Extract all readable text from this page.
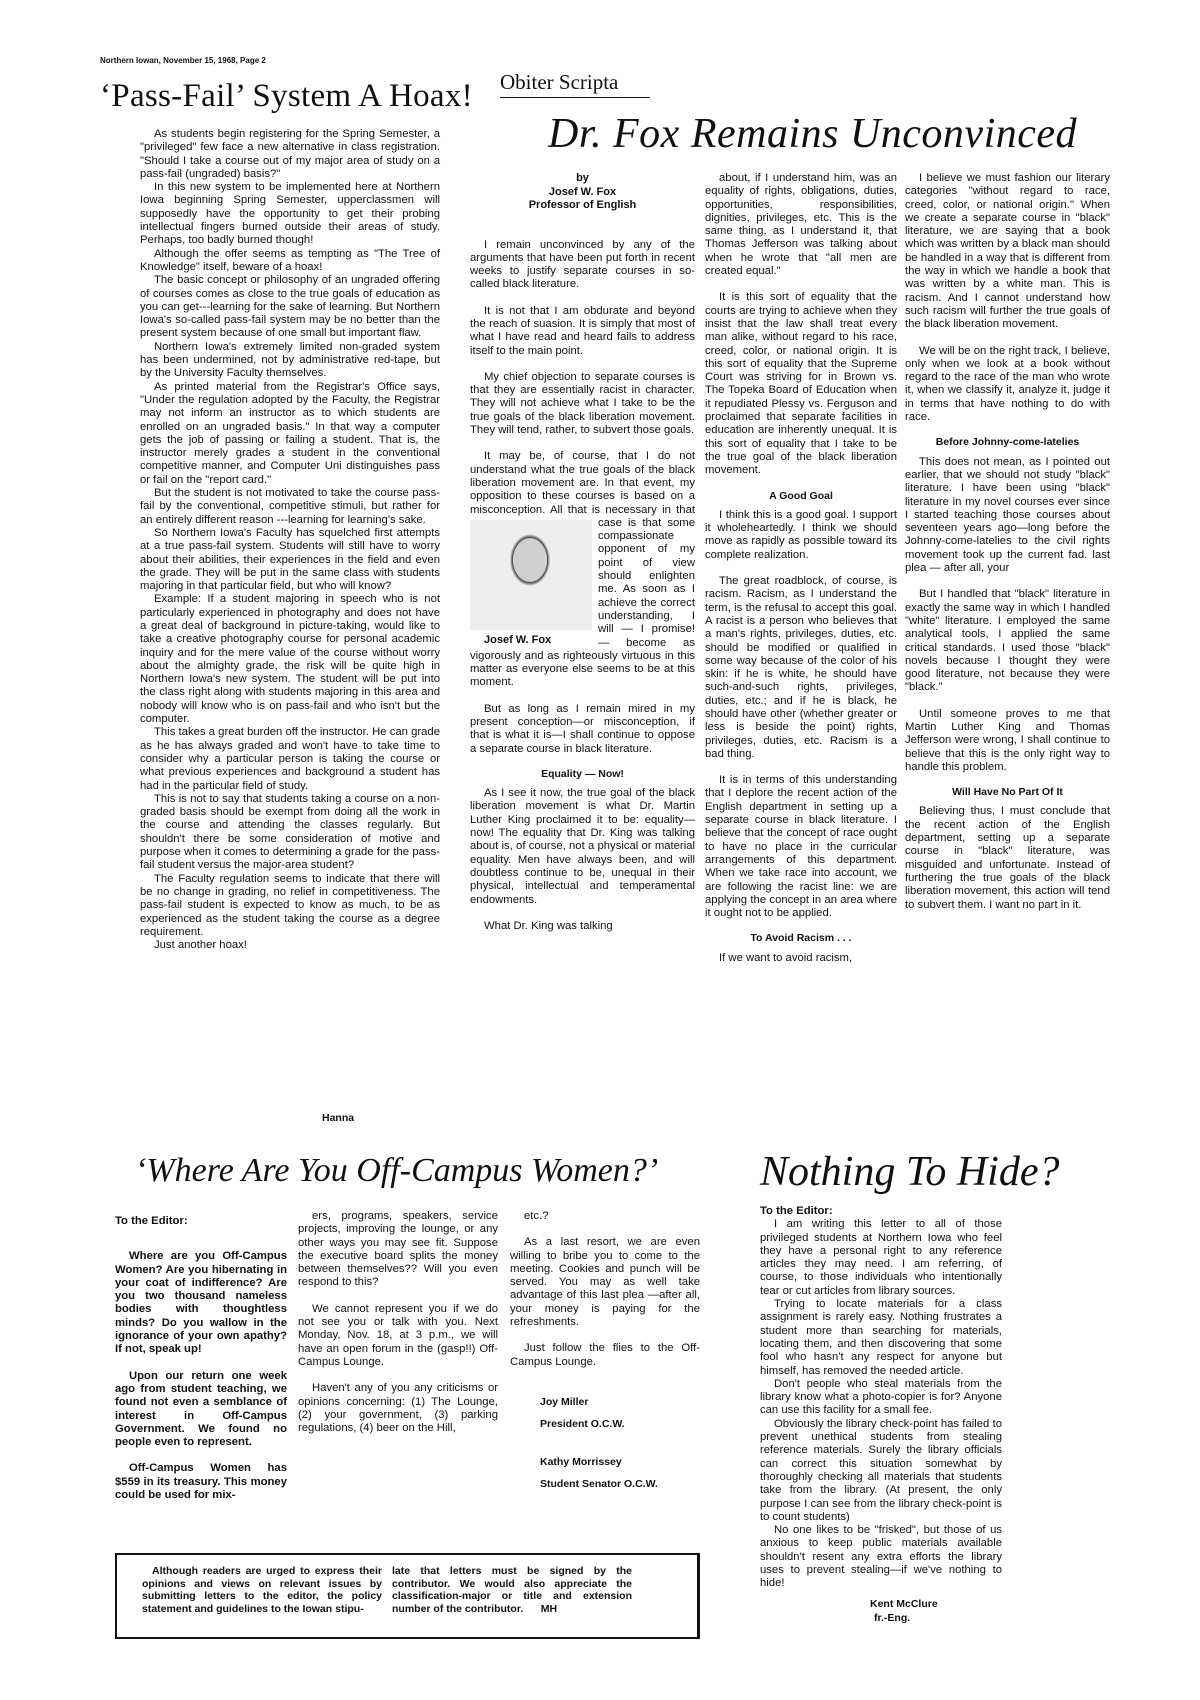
Northern Iowan, November 15, 1968, Page 2
‘Pass-Fail’ System A Hoax!

As students begin registering for the Spring Semester, a "privileged" few face a new alternative in class registration. "Should I take a course out of my major area of study on a pass-fail (ungraded) basis?"

In this new system to be implemented here at Northern Iowa beginning Spring Semester, upperclassmen will supposedly have the opportunity to get their probing intellectual fingers burned outside their areas of study. Perhaps, too badly burned though!

Although the offer seems as tempting as "The Tree of Knowledge" itself, beware of a hoax!

The basic concept or philosophy of an ungraded offering of courses comes as close to the true goals of education as you can get---learning for the sake of learning. But Northern Iowa's so-called pass-fail system may be no better than the present system because of one small but important flaw.

Northern Iowa's extremely limited non-graded system has been undermined, not by administrative red-tape, but by the University Faculty themselves.

As printed material from the Registrar's Office says, "Under the regulation adopted by the Faculty, the Registrar may not inform an instructor as to which students are enrolled on an ungraded basis." In that way a computer gets the job of passing or failing a student. That is, the instructor merely grades a student in the conventional competitive manner, and Computer Uni distinguishes pass or fail on the "report card."

But the student is not motivated to take the course pass-fail by the conventional, competitive stimuli, but rather for an entirely different reason ---learning for learning's sake.

So Northern Iowa's Faculty has squelched first attempts at a true pass-fail system. Students will still have to worry about their abilities, their experiences in the field and even the grade. They will be put in the same class with students majoring in that particular field, but who will know?

Example: If a student majoring in speech who is not particularly experienced in photography and does not have a great deal of background in picture-taking, would like to take a creative photography course for personal academic inquiry and for the mere value of the course without worry about the almighty grade, the risk will be quite high in Northern Iowa's new system. The student will be put into the class right along with students majoring in this area and nobody will know who is on pass-fail and who isn't but the computer.

This takes a great burden off the instructor. He can grade as he has always graded and won't have to take time to consider why a particular person is taking the course or what previous experiences and background a student has had in the particular field of study.

This is not to say that students taking a course on a non-graded basis should be exempt from doing all the work in the course and attending the classes regularly. But shouldn't there be some consideration of motive and purpose when it comes to determining a grade for the pass-fail student versus the major-area student?

The Faculty regulation seems to indicate that there will be no change in grading, no relief in competitiveness. The pass-fail student is expected to know as much, to be as experienced as the student taking the course as a degree requirement.

Just another hoax!

Hanna
Obiter Scripta
Dr. Fox Remains Unconvinced
by
Josef W. Fox
Professor of English

I remain unconvinced by any of the arguments that have been put forth in recent weeks to justify separate courses in so-called black literature.

It is not that I am obdurate and beyond the reach of suasion. It is simply that most of what I have read and heard fails to address itself to the main point.

My chief objection to separate courses is that they are essentially racist in character. They will not achieve what I take to be the true goals of the black liberation movement. They will tend, rather, to subvert those goals.

It may be, of course, that I do not understand what the true goals of the black liberation movement are. In that event, my opposition to these courses is based on a misconception. All that is necessary
Josef W. Fox
in that case is that some compassionate opponent of my point of view should enlighten me. As soon as I achieve the correct understanding, I will — I promise! — become as vigorously and as righteously virtuous in this matter as everyone else seems to be at this moment.

But as long as I remain mired in my present conception—or misconception, if that is what it is—I shall continue to oppose a separate course in black literature.

Equality — Now!

As I see it now, the true goal of the black liberation movement is what Dr. Martin Luther King proclaimed it to be: equality—now! The equality that Dr. King was talking about is, of course, not a physical or material equality. Men have always been, and will doubtless continue to be, unequal in their physical, intellectual and temperamental endowments.

What Dr. King was talking

about, if I understand him, was an equality of rights, obligations, duties, opportunities, responsibilities, dignities, privileges, etc. This is the same thing, as I understand it, that Thomas Jefferson was talking about when he wrote that "all men are created equal."

It is this sort of equality that the courts are trying to achieve when they insist that the law shall treat every man alike, without regard to his race, creed, color, or national origin. It is this sort of equality that the Supreme Court was striving for in Brown vs. The Topeka Board of Education when it repudiated Plessy vs. Ferguson and proclaimed that separate facilities in education are inherently unequal. It is this sort of equality that I take to be the true goal of the black liberation movement.

A Good Goal

I think this is a good goal. I support it wholeheartedly. I think we should move as rapidly as possible toward its complete realization.

The great roadblock, of course, is racism. Racism, as I understand the term, is the refusal to accept this goal. A racist is a person who believes that a man's rights, privileges, duties, etc. should be modified or qualified in some way because of the color of his skin: if he is white, he should have such-and-such rights, privileges, duties, etc.; and if he is black, he should have other (whether greater or less is beside the point) rights, privileges, duties, etc. Racism is a bad thing.

It is in terms of this understanding that I deplore the recent action of the English department in setting up a separate course in black literature. I believe that the concept of race ought to have no place in the curricular arrangements of this department. When we take race into account, we are following the racist line: we are applying the concept in an area where it ought not to be applied.

To Avoid Racism . . .

If we want to avoid racism,

I believe we must fashion our literary categories "without regard to race, creed, color, or national origin." When we create a separate course in "black" literature, we are saying that a book which was written by a black man should be handled in a way that is different from the way in which we handle a book that was written by a white man. This is racism. And I cannot understand how such racism will further the true goals of the black liberation movement.

We will be on the right track, I believe, only when we look at a book without regard to the race of the man who wrote it, when we classify it, analyze it, judge it in terms that have nothing to do with race.

Before Johnny-come-latelies

This does not mean, as I pointed out earlier, that we should not study "black" literature. I have been using "black" literature in my novel courses ever since I started teaching those courses about seventeen years ago—long before the Johnny-come-latelies to the civil rights movement took up the current fad. last plea — after all, your

But I handled that "black" literature in exactly the same way in which I handled "white" literature. I employed the same analytical tools, I applied the same critical standards. I used those "black" novels because I thought they were good literature, not because they were "black."

Until someone proves to me that Martin Luther King and Thomas Jefferson were wrong, I shall continue to believe that this is the only right way to handle this problem.

Will Have No Part Of It

Believing thus, I must conclude that the recent action of the English department, setting up a separate course in "black" literature, was misguided and unfortunate. Instead of furthering the true goals of the black liberation movement, this action will tend to subvert them. I want no part in it.

‘Where Are You Off-Campus Women?’
To the Editor:

Where are you Off-Campus Women? Are you hibernating in your coat of indifference? Are you two thousand nameless bodies with thoughtless minds? Do you wallow in the ignorance of your own apathy? If not, speak up!

Upon our return one week ago from student teaching, we found not even a semblance of interest in Off-Campus Government. We found no people even to represent.

Off-Campus Women has $559 in its treasury. This money could be used for mix-

ers, programs, speakers, service projects, improving the lounge, or any other ways you may see fit. Suppose the executive board splits the money between themselves?? Will you even respond to this?

We cannot represent you if we do not see you or talk with you. Next Monday, Nov. 18, at 3 p.m., we will have an open forum in the (gasp!!) Off-Campus Lounge.

Haven't any of you any criticisms or opinions concerning: (1) The Lounge, (2) your government, (3) parking regulations, (4) beer on the Hill,

etc.?

As a last resort, we are even willing to bribe you to come to the meeting. Cookies and punch will be served. You may as well take advantage of this last plea —after all, your money is paying for the refreshments.

Just follow the flies to the Off-Campus Lounge.

Joy Miller
President O.C.W.
Kathy Morrissey
Student Senator O.C.W.
Nothing To Hide?
To the Editor:

I am writing this letter to all of those privileged students at Northern Iowa who feel they have a personal right to any reference articles they may need. I am referring, of course, to those individuals who intentionally tear or cut articles from library sources.

Trying to locate materials for a class assignment is rarely easy. Nothing frustrates a student more than searching for materials, locating them, and then discovering that some fool who hasn't any respect for anyone but himself, has removed the needed article.

Don't people who steal materials from the library know what a photo-copier is for? Anyone can use this facility for a small fee.

Obviously the library check-point has failed to prevent unethical students from stealing reference materials. Surely the library officials can correct this situation somewhat by thoroughly checking all materials that students take from the library. (At present, the only purpose I can see from the library check-point is to count students)

No one likes to be "frisked", but those of us anxious to keep public materials available shouldn't resent any extra efforts the library uses to prevent stealing—if we've nothing to hide!

Kent McClure
fr.-Eng.
Although readers are urged to express their opinions and views on relevant issues by submitting letters to the editor, the policy statement and guidelines to the Iowan stipu-
late that letters must be signed by the contributor. We would also appreciate the classification-major or title and extension number of the contributor. MH
